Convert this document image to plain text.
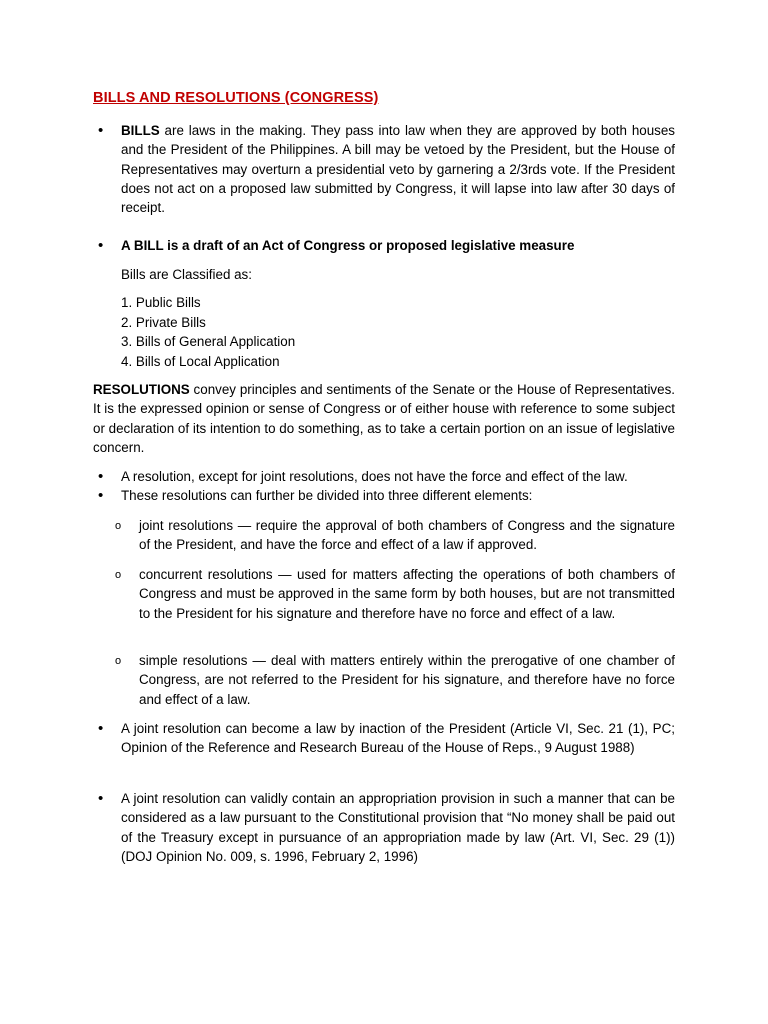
BILLS AND RESOLUTIONS (CONGRESS)
• BILLS are laws in the making. They pass into law when they are approved by both houses and the President of the Philippines. A bill may be vetoed by the President, but the House of Representatives may overturn a presidential veto by garnering a 2/3rds vote. If the President does not act on a proposed law submitted by Congress, it will lapse into law after 30 days of receipt.

• A BILL is a draft of an Act of Congress or proposed legislative measure

Bills are Classified as:

1. Public Bills
2. Private Bills
3. Bills of General Application
4. Bills of Local Application

RESOLUTIONS convey principles and sentiments of the Senate or the House of Representatives. It is the expressed opinion or sense of Congress or of either house with reference to some subject or declaration of its intention to do something, as to take a certain portion on an issue of legislative concern.

• A resolution, except for joint resolutions, does not have the force and effect of the law.

• These resolutions can further be divided into three different elements:

o joint resolutions — require the approval of both chambers of Congress and the signature of the President, and have the force and effect of a law if approved.

o concurrent resolutions — used for matters affecting the operations of both chambers of Congress and must be approved in the same form by both houses, but are not transmitted to the President for his signature and therefore have no force and effect of a law.

o simple resolutions — deal with matters entirely within the prerogative of one chamber of Congress, are not referred to the President for his signature, and therefore have no force and effect of a law.

• A joint resolution can become a law by inaction of the President (Article VI, Sec. 21 (1), PC; Opinion of the Reference and Research Bureau of the House of Reps., 9 August 1988)

• A joint resolution can validly contain an appropriation provision in such a manner that can be considered as a law pursuant to the Constitutional provision that “No money shall be paid out of the Treasury except in pursuance of an appropriation made by law (Art. VI, Sec. 29 (1))(DOJ Opinion No. 009, s. 1996, February 2, 1996)
